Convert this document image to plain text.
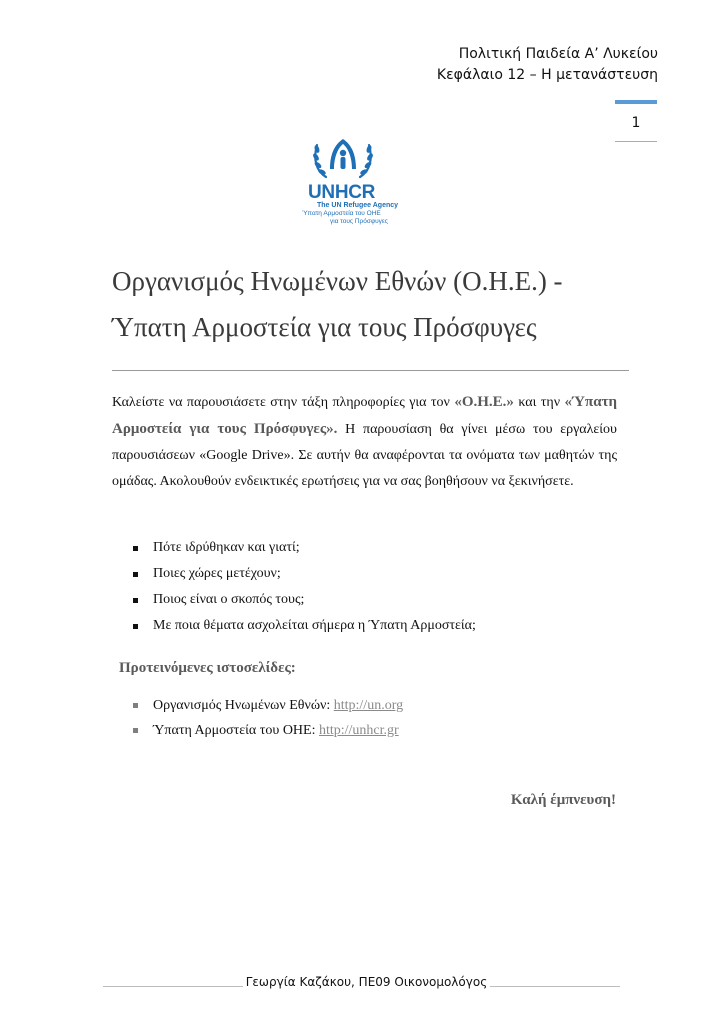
Πολιτική Παιδεία Α’ Λυκείου
Κεφάλαιο 12 – Η μετανάστευση
1
UNHCR
The UN Refugee Agency
Ύπατη Αρμοστεία του ΟΗΕ
για τους Πρόσφυγες
Οργανισμός Ηνωμένων Εθνών (Ο.Η.Ε.) -
Ύπατη Αρμοστεία για τους Πρόσφυγες
Καλείστε να παρουσιάσετε στην τάξη πληροφορίες για τον «Ο.Η.Ε.» και την «Ύπατη Αρμοστεία για τους Πρόσφυγες». Η παρουσίαση θα γίνει μέσω του εργαλείου παρουσιάσεων «Google Drive». Σε αυτήν θα αναφέρονται τα ονόματα των μαθητών της ομάδας. Ακολουθούν ενδεικτικές ερωτήσεις για να σας βοηθήσουν να ξεκινήσετε.
Πότε ιδρύθηκαν και γιατί;
Ποιες χώρες μετέχουν;
Ποιος είναι ο σκοπός τους;
Με ποια θέματα ασχολείται σήμερα η Ύπατη Αρμοστεία;
Προτεινόμενες ιστοσελίδες:
Οργανισμός Ηνωμένων Εθνών: http://un.org
Ύπατη Αρμοστεία του ΟΗΕ: http://unhcr.gr
Καλή έμπνευση!
Γεωργία Καζάκου, ΠΕ09 Οικονομολόγος
